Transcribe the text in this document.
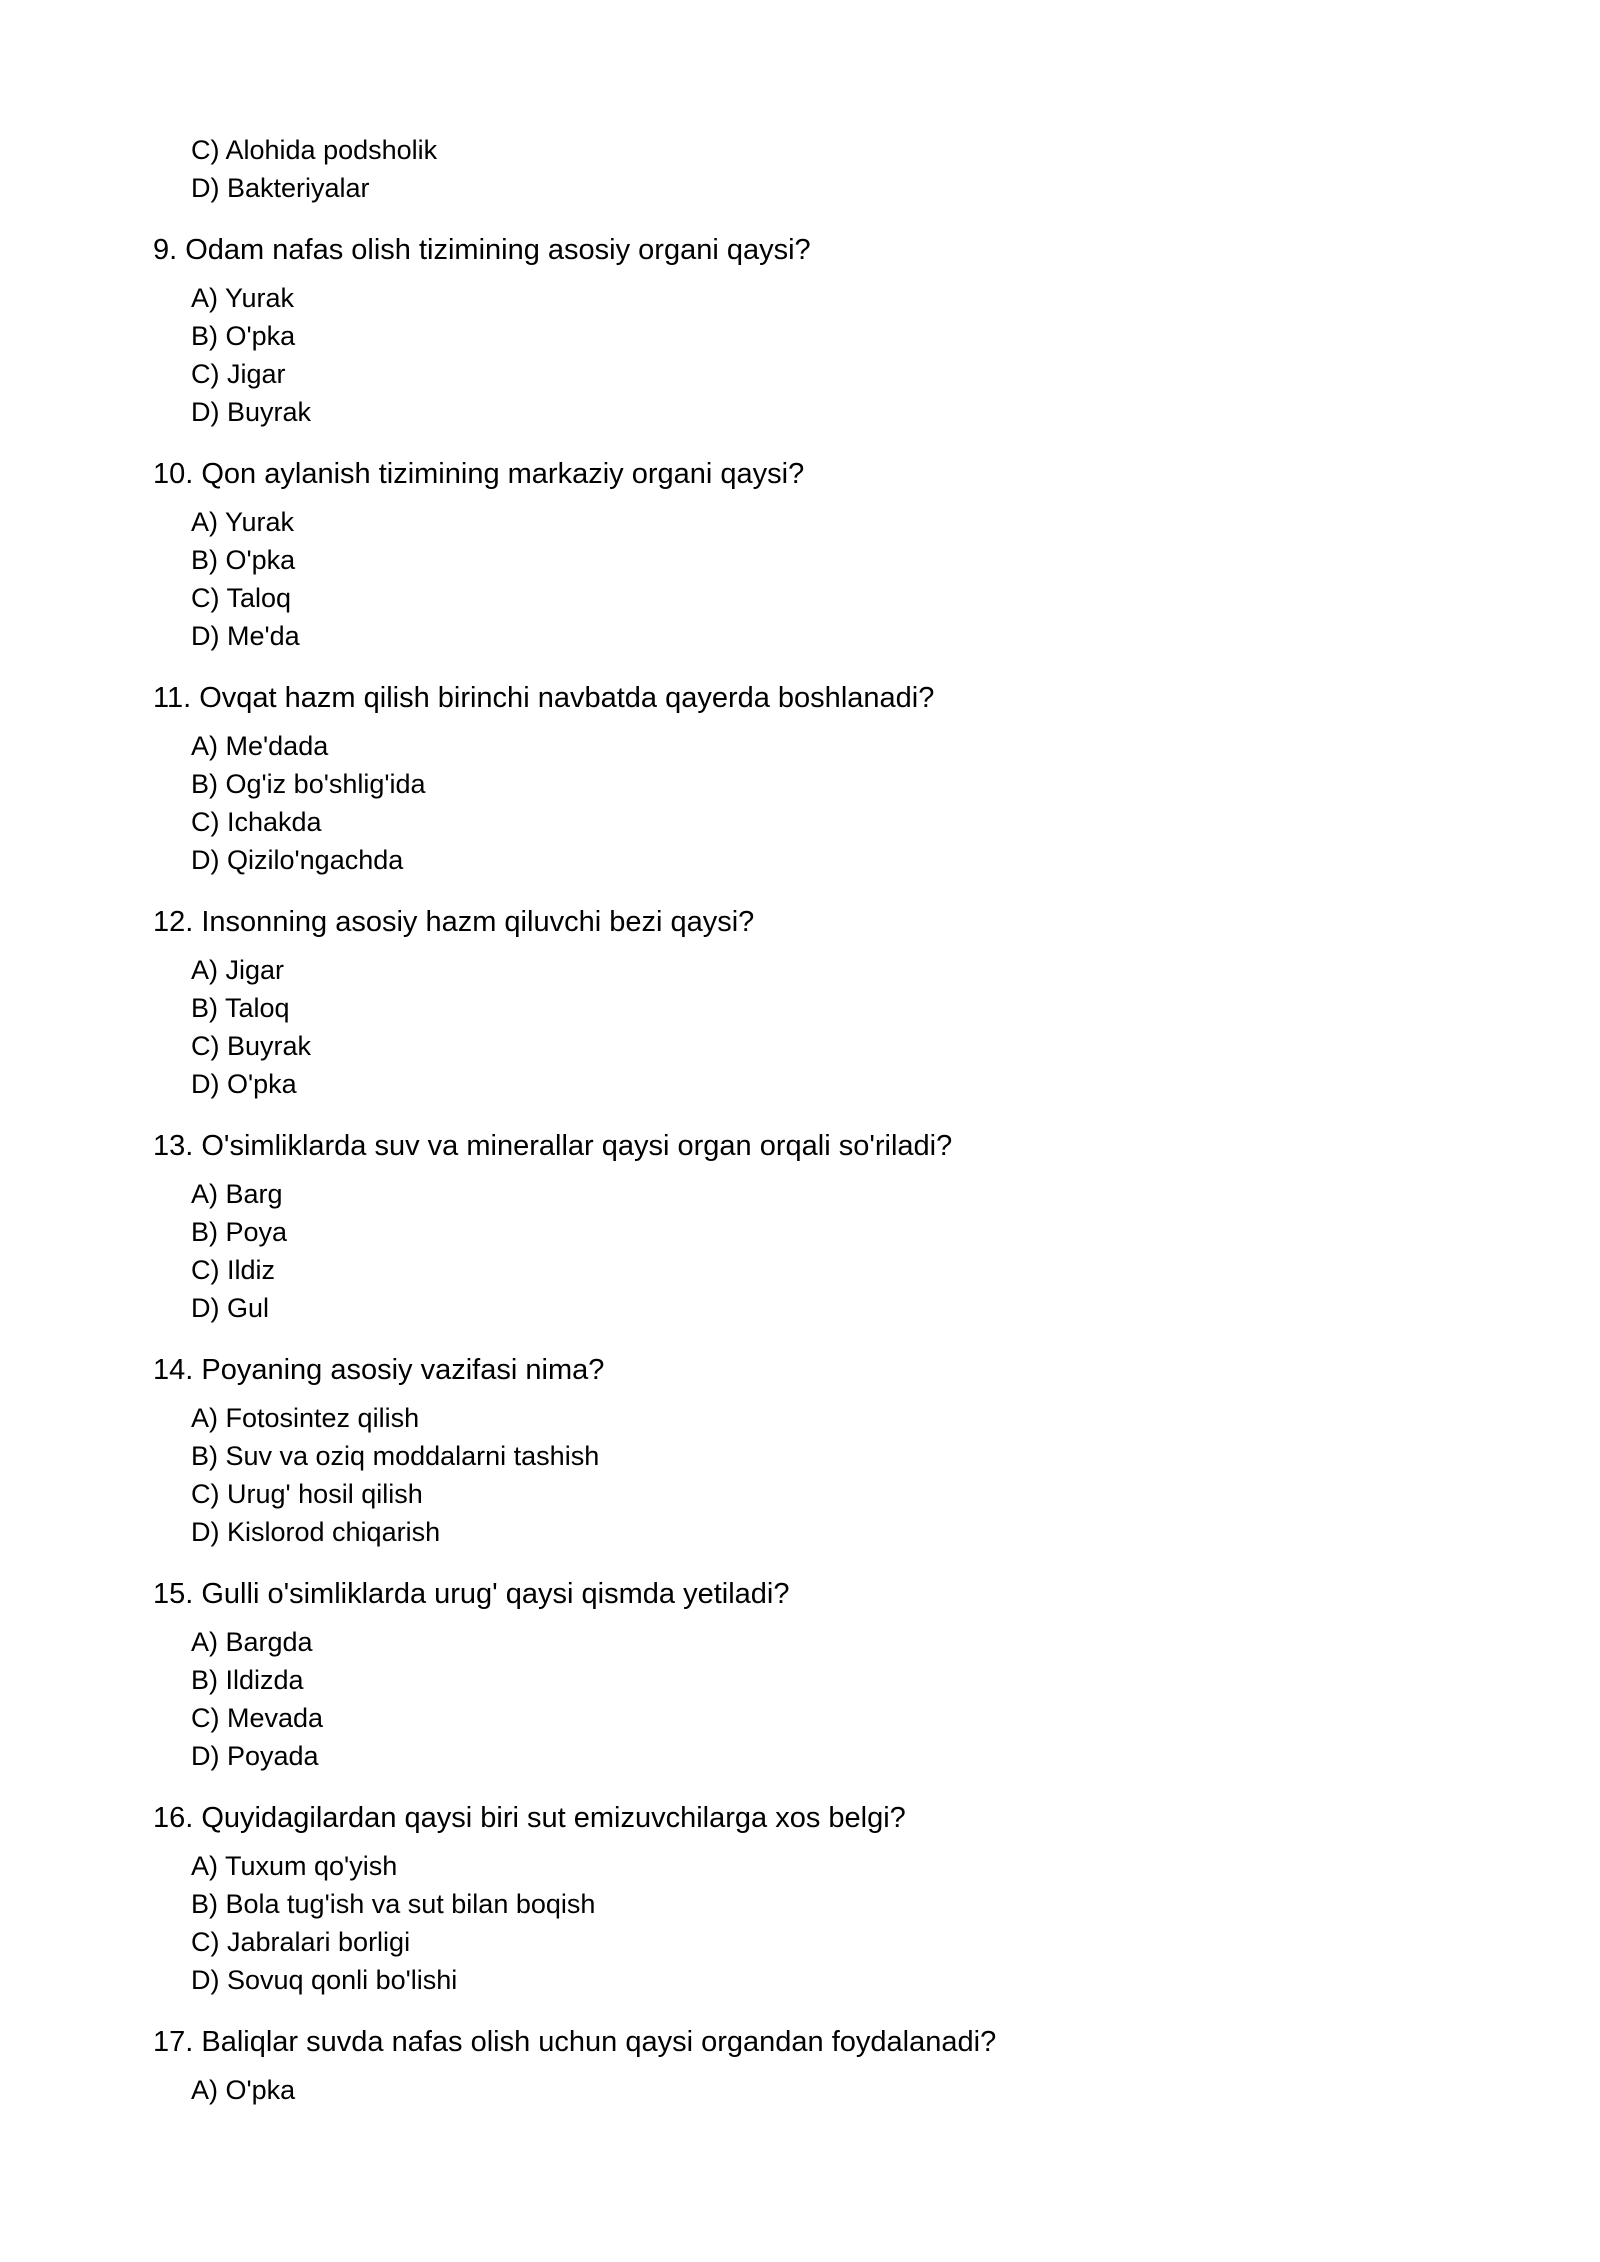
C) Alohida podsholik
D) Bakteriyalar
9. Odam nafas olish tizimining asosiy organi qaysi?
A) Yurak
B) O'pka
C) Jigar
D) Buyrak
10. Qon aylanish tizimining markaziy organi qaysi?
A) Yurak
B) O'pka
C) Taloq
D) Me'da
11. Ovqat hazm qilish birinchi navbatda qayerda boshlanadi?
A) Me'dada
B) Og'iz bo'shlig'ida
C) Ichakda
D) Qizilo'ngachda
12. Insonning asosiy hazm qiluvchi bezi qaysi?
A) Jigar
B) Taloq
C) Buyrak
D) O'pka
13. O'simliklarda suv va minerallar qaysi organ orqali so'riladi?
A) Barg
B) Poya
C) Ildiz
D) Gul
14. Poyaning asosiy vazifasi nima?
A) Fotosintez qilish
B) Suv va oziq moddalarni tashish
C) Urug' hosil qilish
D) Kislorod chiqarish
15. Gulli o'simliklarda urug' qaysi qismda yetiladi?
A) Bargda
B) Ildizda
C) Mevada
D) Poyada
16. Quyidagilardan qaysi biri sut emizuvchilarga xos belgi?
A) Tuxum qo'yish
B) Bola tug'ish va sut bilan boqish
C) Jabralari borligi
D) Sovuq qonli bo'lishi
17. Baliqlar suvda nafas olish uchun qaysi organdan foydalanadi?
A) O'pka
